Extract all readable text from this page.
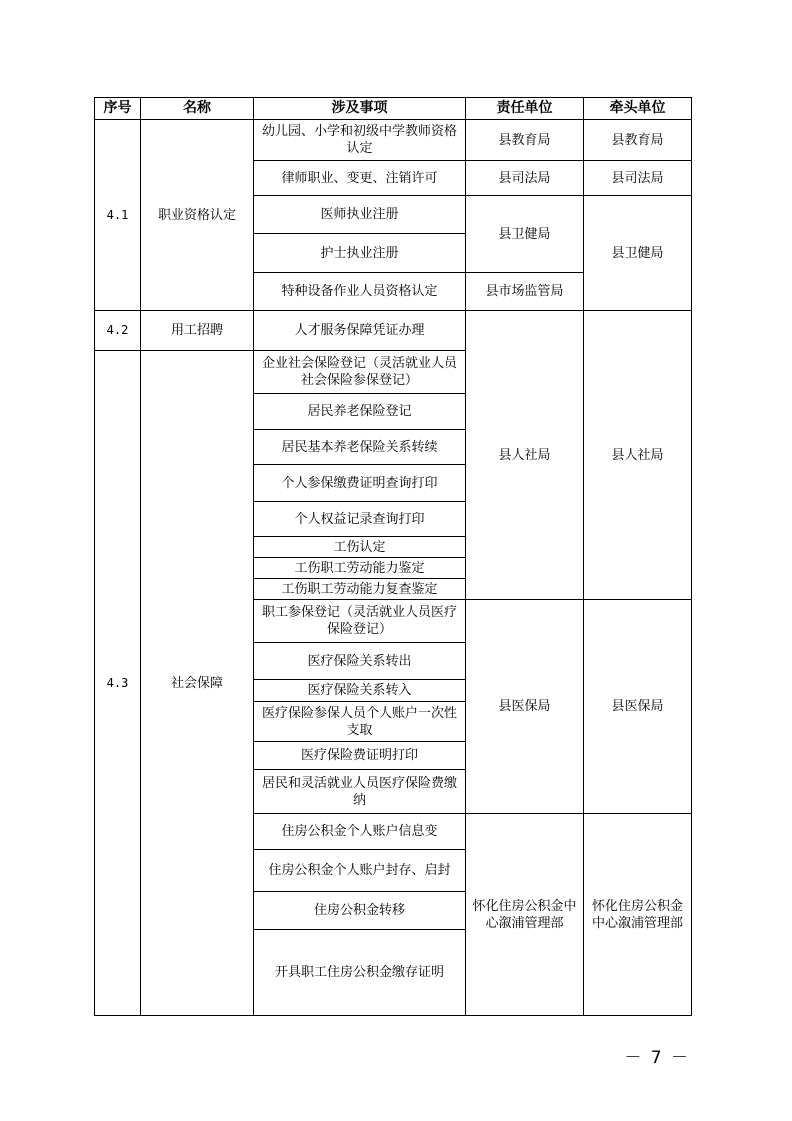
序号	名称	涉及事项	责任单位	牵头单位
4.1	职业资格认定	幼儿园、小学和初级中学教师资格认定	县教育局	县教育局
		律师职业、变更、注销许可	县司法局	县司法局
		医师执业注册	县卫健局	县卫健局
		护士执业注册		
		特种设备作业人员资格认定	县市场监管局	
4.2	用工招聘	人才服务保障凭证办理	县人社局	县人社局
4.3	社会保障	企业社会保险登记（灵活就业人员社会保险参保登记）		
		居民养老保险登记		
		居民基本养老保险关系转续		
		个人参保缴费证明查询打印		
		个人权益记录查询打印		
		工伤认定		
		工伤职工劳动能力鉴定		
		工伤职工劳动能力复查鉴定		
		职工参保登记（灵活就业人员医疗保险登记）	县医保局	县医保局
		医疗保险关系转出		
		医疗保险关系转入		
		医疗保险参保人员个人账户一次性支取		
		医疗保险费证明打印		
		居民和灵活就业人员医疗保险费缴纳		
		住房公积金个人账户信息变	怀化住房公积金中心溆浦管理部	怀化住房公积金中心溆浦管理部
		住房公积金个人账户封存、启封		
		住房公积金转移		
		开具职工住房公积金缴存证明		
－ 7 －
